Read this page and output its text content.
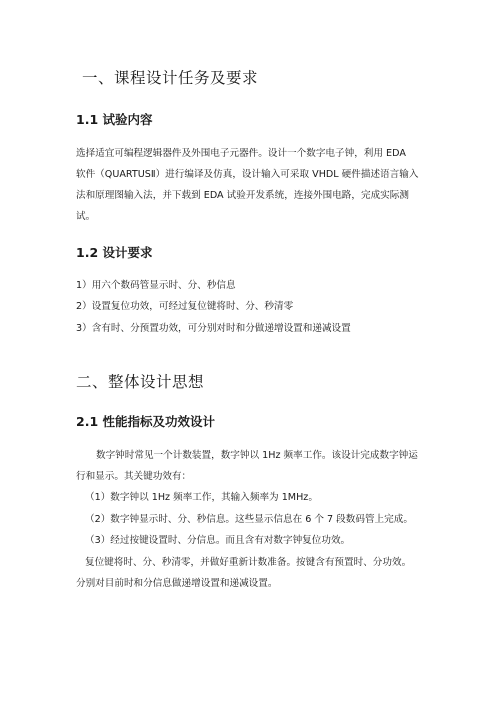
一、课程设计任务及要求
1.1 试验内容
选择适宜可编程逻辑器件及外围电子元器件。设计一个数字电子钟，利用 EDA
软件（QUARTUSⅡ）进行编译及仿真，设计输入可采取 VHDL 硬件描述语言输入
法和原理图输入法，并下载到 EDA 试验开发系统，连接外围电路，完成实际测
试。
1.2 设计要求
1）用六个数码管显示时、分、秒信息
2）设置复位功效，可经过复位键将时、分、秒清零
3）含有时、分预置功效，可分别对时和分做递增设置和递减设置
二、整体设计思想
2.1 性能指标及功效设计
数字钟时常见一个计数装置，数字钟以 1Hz 频率工作。该设计完成数字钟运
行和显示。其关键功效有：
（1）数字钟以 1Hz 频率工作，其输入频率为 1MHz。
（2）数字钟显示时、分、秒信息。这些显示信息在 6 个 7 段数码管上完成。
（3）经过按键设置时、分信息。而且含有对数字钟复位功效。
复位键将时、分、秒清零，并做好重新计数准备。按键含有预置时、分功效。
分别对目前时和分信息做递增设置和递减设置。
